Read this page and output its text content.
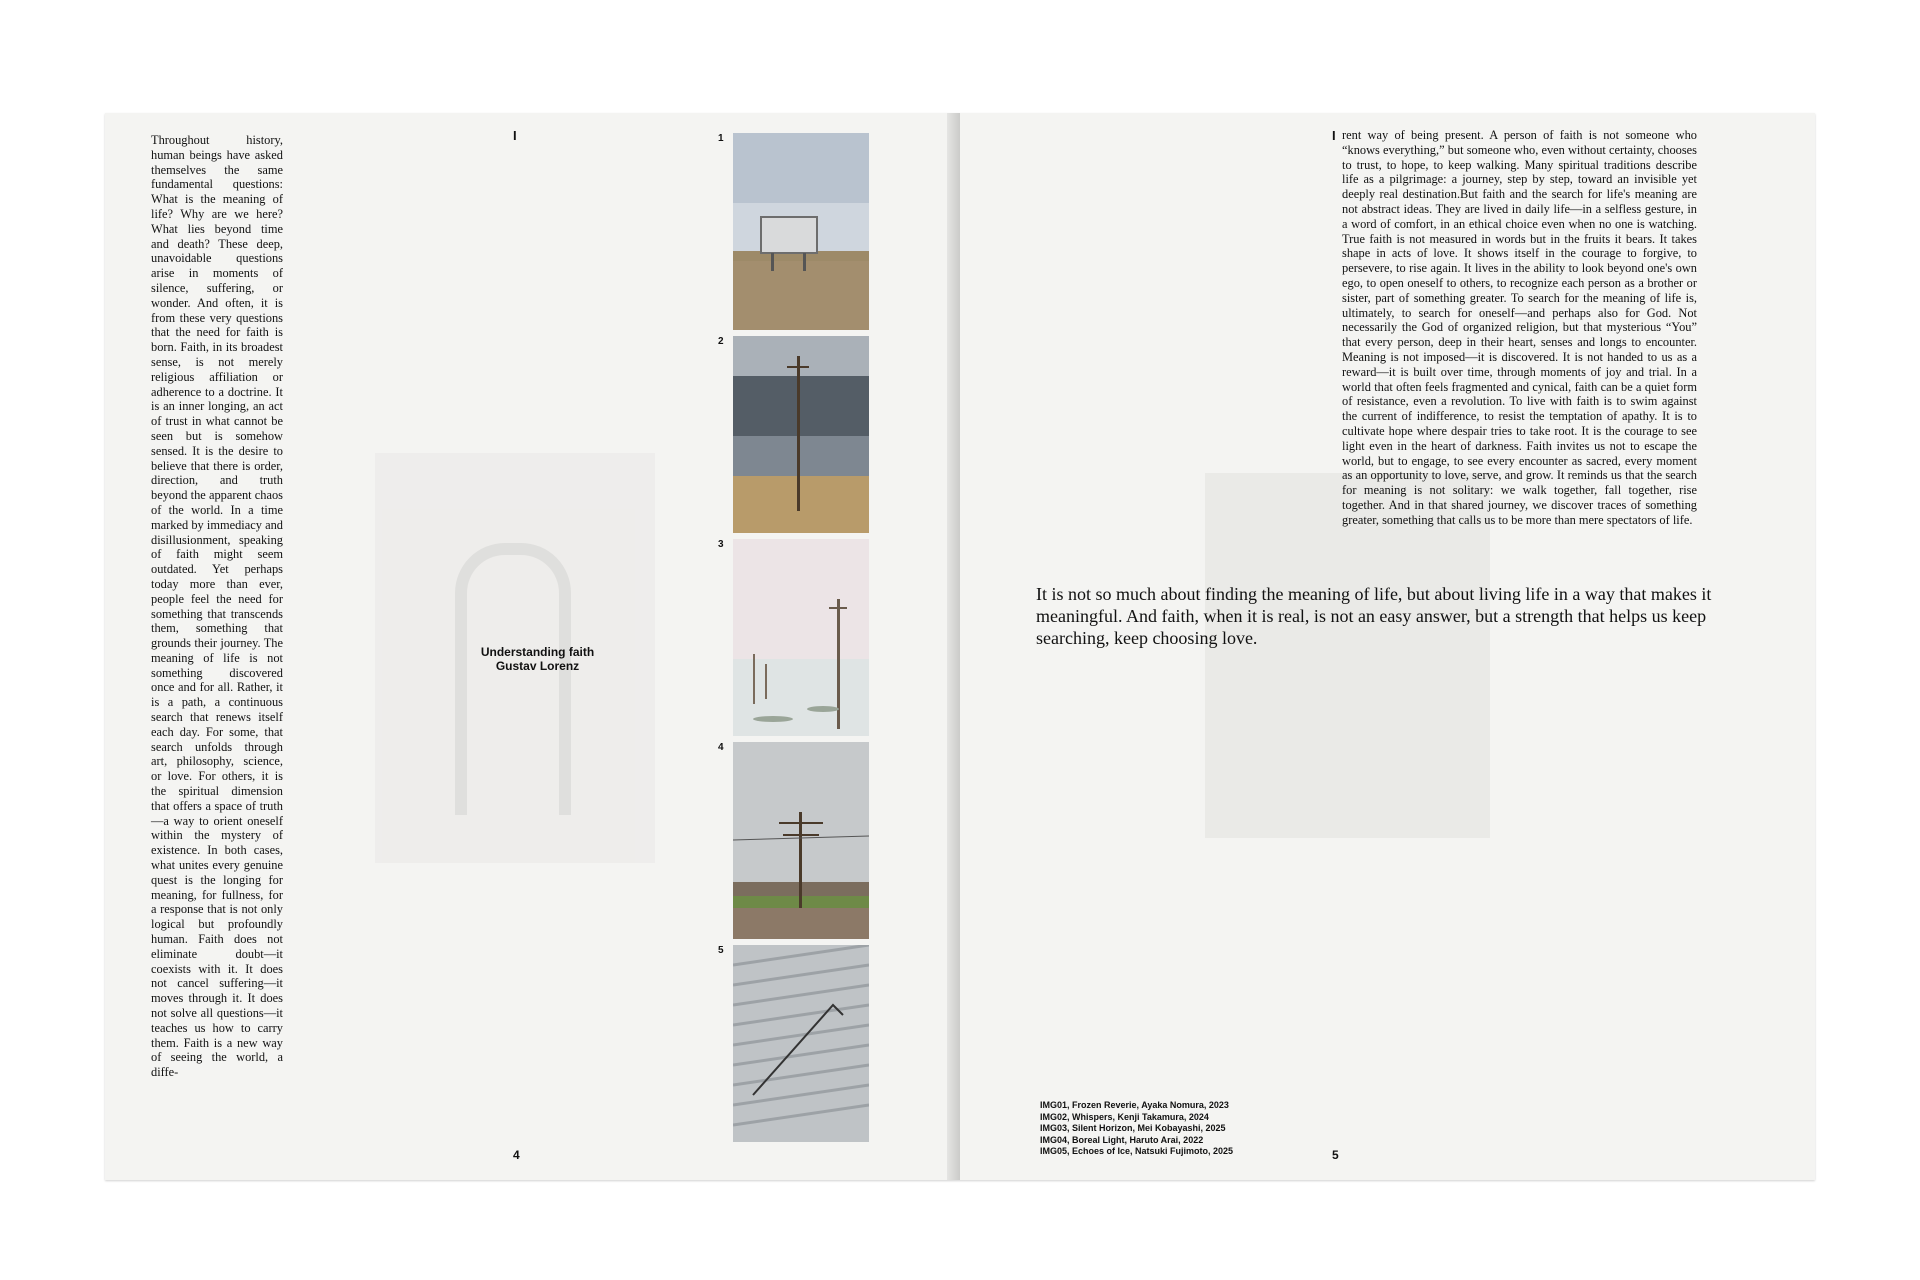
I
Throughout history, human beings have asked themselves the same fundamental questions: What is the meaning of life? Why are we here? What lies beyond time and death? These deep, unavoidable questions arise in moments of silence, suffering, or wonder. And often, it is from these very questions that the need for faith is born. Faith, in its broadest sense, is not merely religious affiliation or adherence to a doctrine. It is an inner longing, an act of trust in what cannot be seen but is somehow sensed. It is the desire to believe that there is order, direction, and truth beyond the apparent chaos of the world. In a time marked by immediacy and disillusionment, speaking of faith might seem outdated. Yet perhaps today more than ever, people feel the need for something that transcends them, something that grounds their journey. The meaning of life is not something discovered once and for all. Rather, it is a path, a continuous search that renews itself each day. For some, that search unfolds through art, philosophy, science, or love. For others, it is the spiritual dimension that offers a space of truth—a way to orient oneself within the mystery of existence. In both cases, what unites every genuine quest is the longing for meaning, for fullness, for a response that is not only logical but profoundly human. Faith does not eliminate doubt—it coexists with it. It does not cancel suffering—it moves through it. It does not solve all questions—it teaches us how to carry them. Faith is a new way of seeing the world, a diffe-
Understanding faith
Gustav Lorenz
1
2
3
4
5
4
I rent way of being present. A person of faith is not someone who “knows everything,” but someone who, even without certainty, chooses to trust, to hope, to keep walking. Many spiritual traditions describe life as a pilgrimage: a journey, step by step, toward an invisible yet deeply real destination.But faith and the search for life's meaning are not abstract ideas. They are lived in daily life—in a selfless gesture, in a word of comfort, in an ethical choice even when no one is watching. True faith is not measured in words but in the fruits it bears. It takes shape in acts of love. It shows itself in the courage to forgive, to persevere, to rise again. It lives in the ability to look beyond one's own ego, to open oneself to others, to recognize each person as a brother or sister, part of something greater. To search for the meaning of life is, ultimately, to search for oneself—and perhaps also for God. Not necessarily the God of organized religion, but that mysterious “You” that every person, deep in their heart, senses and longs to encounter. Meaning is not imposed—it is discovered. It is not handed to us as a reward—it is built over time, through moments of joy and trial. In a world that often feels fragmented and cynical, faith can be a quiet form of resistance, even a revolution. To live with faith is to swim against the current of indifference, to resist the temptation of apathy. It is to cultivate hope where despair tries to take root. It is the courage to see light even in the heart of darkness. Faith invites us not to escape the world, but to engage, to see every encounter as sacred, every moment as an opportunity to love, serve, and grow. It reminds us that the search for meaning is not solitary: we walk together, fall together, rise together. And in that shared journey, we discover traces of something greater, something that calls us to be more than mere spectators of life.
It is not so much about finding the meaning of life, but about living life in a way that makes it meaningful. And faith, when it is real, is not an easy answer, but a strength that helps us keep searching, keep choosing love.
IMG01, Frozen Reverie, Ayaka Nomura, 2023
IMG02, Whispers, Kenji Takamura, 2024
IMG03, Silent Horizon, Mei Kobayashi, 2025
IMG04, Boreal Light, Haruto Arai, 2022
IMG05, Echoes of Ice, Natsuki Fujimoto, 2025	5
